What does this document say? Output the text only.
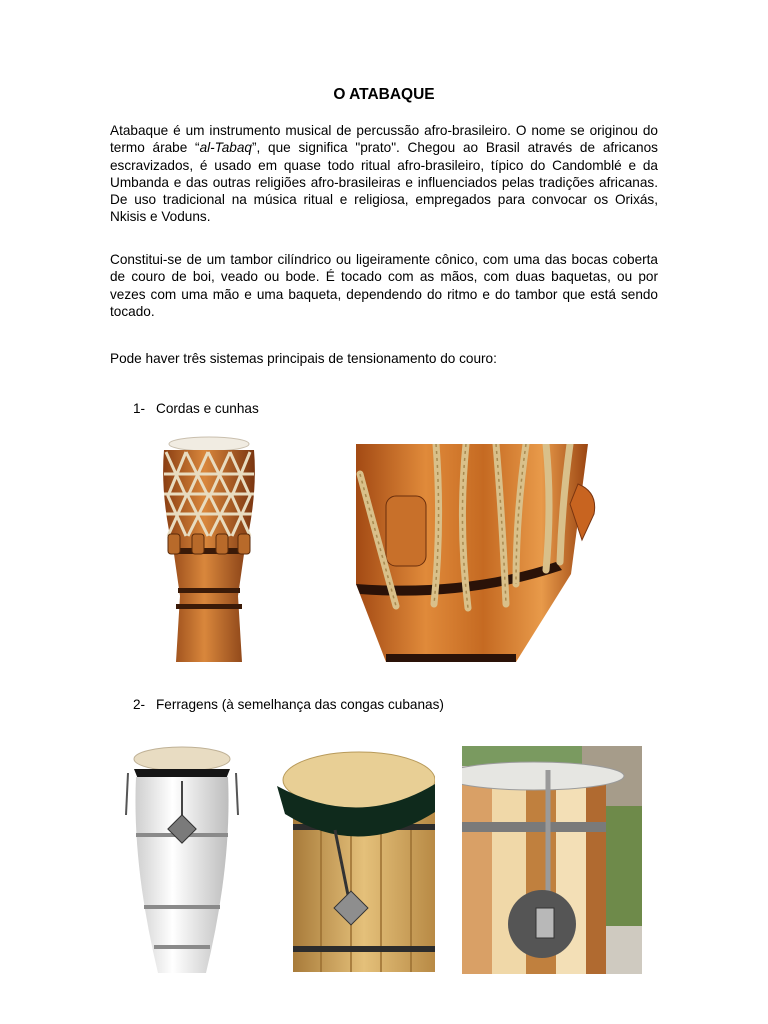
O ATABAQUE

Atabaque é um instrumento musical de percussão afro-brasileiro. O nome se originou do termo árabe “al-Tabaq”, que significa "prato". Chegou ao Brasil através de africanos escravizados, é usado em quase todo ritual afro-brasileiro, típico do Candomblé e da Umbanda e das outras religiões afro-brasileiras e influenciados pelas tradições africanas. De uso tradicional na música ritual e religiosa, empregados para convocar os Orixás, Nkisis e Voduns.

Constitui-se de um tambor cilíndrico ou ligeiramente cônico, com uma das bocas coberta de couro de boi, veado ou bode. É tocado com as mãos, com duas baquetas, ou por vezes com uma mão e uma baqueta, dependendo do ritmo e do tambor que está sendo tocado.

Pode haver três sistemas principais de tensionamento do couro:
1- Cordas e cunhas
2- Ferragens (à semelhança das congas cubanas)
